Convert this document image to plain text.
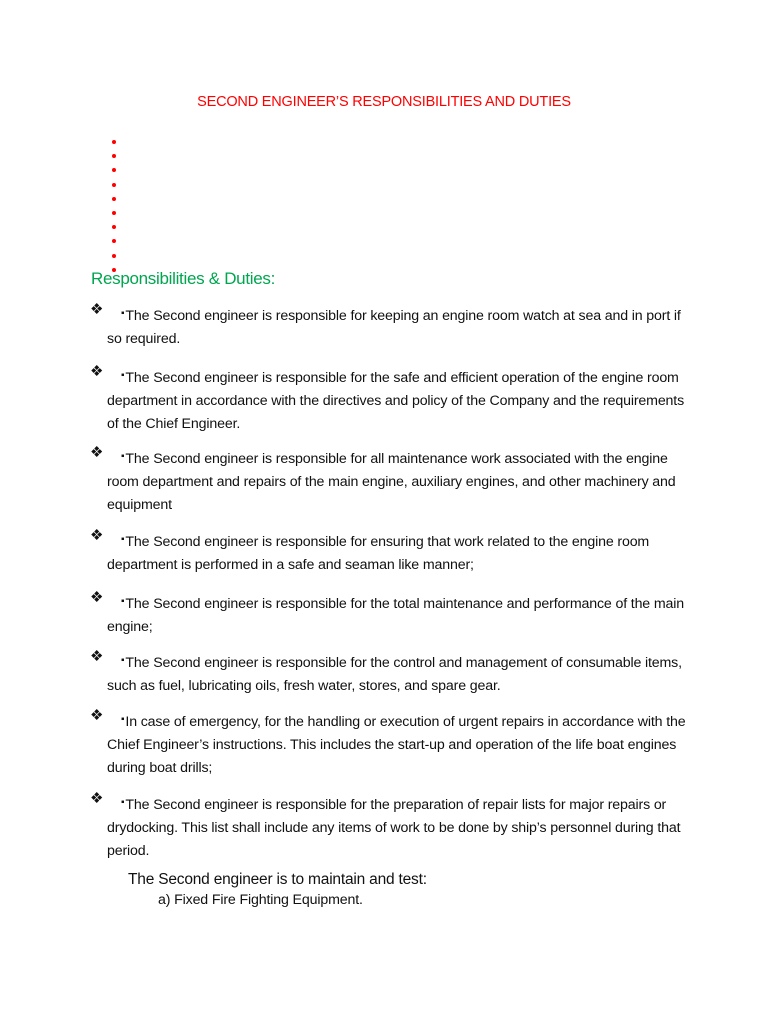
SECOND ENGINEER’S RESPONSIBILITIES AND DUTIES
Responsibilities & Duties:
❖ ▪The Second engineer is responsible for keeping an engine room watch at sea and in port if so required.
❖ ▪The Second engineer is responsible for the safe and efficient operation of the engine room department in accordance with the directives and policy of the Company and the requirements of the Chief Engineer.
❖ ▪The Second engineer is responsible for all maintenance work associated with the engine room department and repairs of the main engine, auxiliary engines, and other machinery and equipment
❖ ▪The Second engineer is responsible for ensuring that work related to the engine room department is performed in a safe and seaman like manner;
❖ ▪The Second engineer is responsible for the total maintenance and performance of the main engine;
❖ ▪The Second engineer is responsible for the control and management of consumable items, such as fuel, lubricating oils, fresh water, stores, and spare gear.
❖ ▪In case of emergency, for the handling or execution of urgent repairs in accordance with the Chief Engineer’s instructions. This includes the start-up and operation of the life boat engines during boat drills;
❖ ▪The Second engineer is responsible for the preparation of repair lists for major repairs or drydocking. This list shall include any items of work to be done by ship’s personnel during that period.
The Second engineer is to maintain and test:
a) Fixed Fire Fighting Equipment.
